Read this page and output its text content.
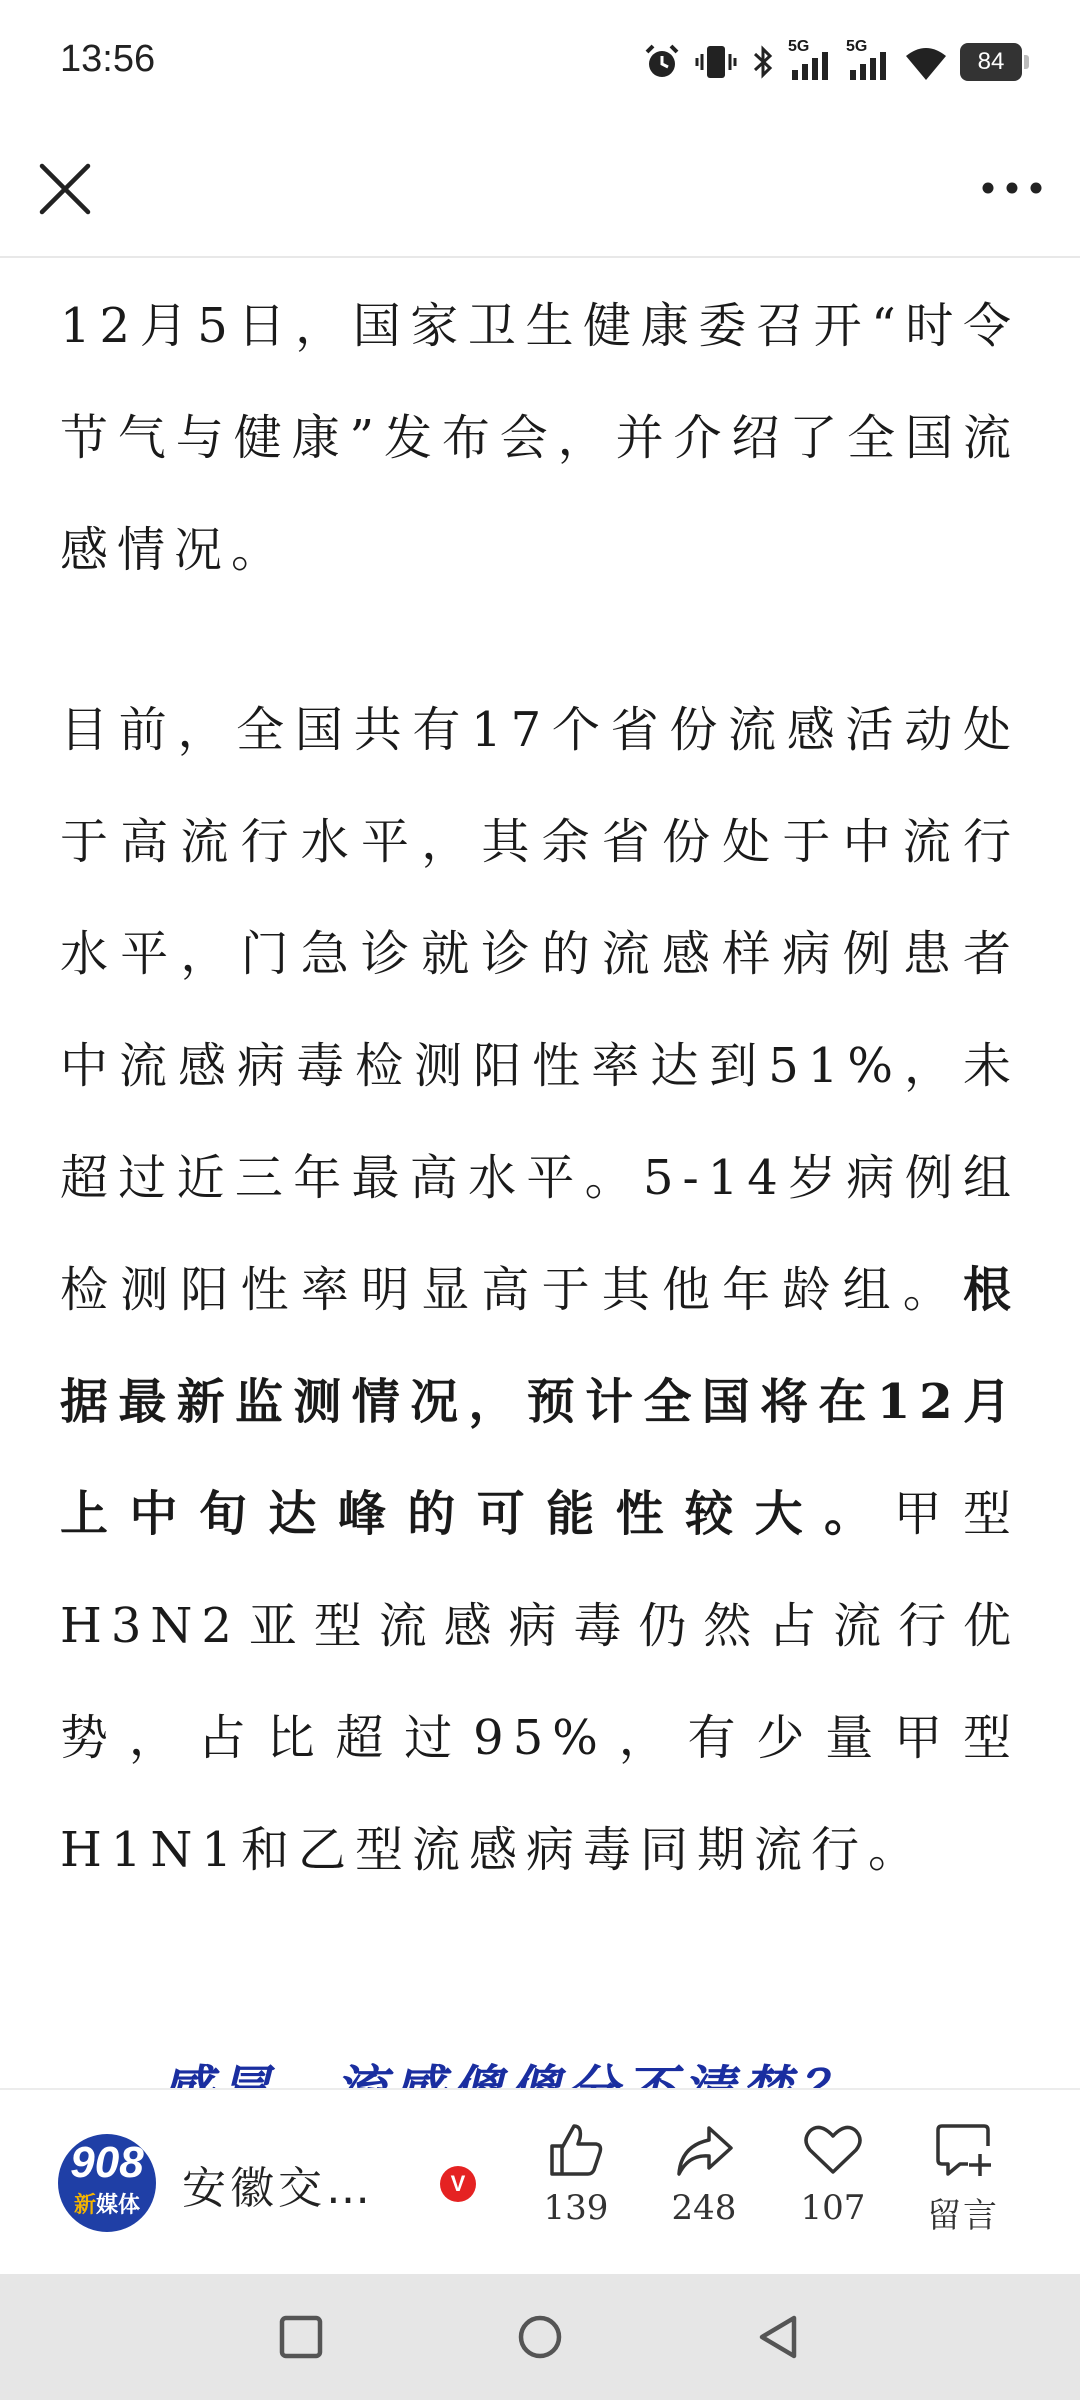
13:56	5G 5G
84

12月5日，国家卫生健康委召开“时令节气与健康”发布会，并介绍了全国流感情况。

目前，全国共有17个省份流感活动处于高流行水平，其余省份处于中流行水平，门急诊就诊的流感样病例患者中流感病毒检测阳性率达到51%，未超过近三年最高水平。5-14岁病例组检测阳性率明显高于其他年龄组。根据最新监测情况，预计全国将在12月上中旬达峰的可能性较大。甲型H3N2亚型流感病毒仍然占流行优势，占比超过95%，有少量甲型H1N1和乙型流感病毒同期流行。

908
新媒体 安徽交…	V
139	248	107	留言
